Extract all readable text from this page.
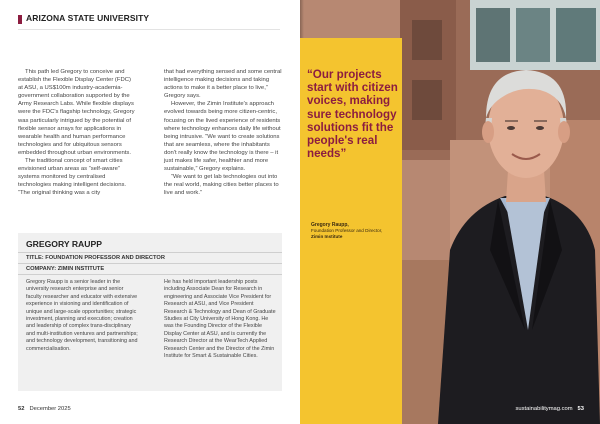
ARIZONA STATE UNIVERSITY

This path led Gregory to conceive and establish the Flexible Display Center (FDC) at ASU, a US$100m industry-academia-government collaboration supported by the Army Research Labs. While flexible displays were the FDC's flagship technology, Gregory was particularly intrigued by the potential of flexible sensor arrays for applications in wearable health and human performance technologies and for ubiquitous sensors embedded throughout urban environments.

The traditional concept of smart cities envisioned urban areas as “self-aware” systems monitored by centralised technologies making intelligent decisions. “The original thinking was a city

that had everything sensed and some central intelligence making decisions and taking actions to make it a better place to live,” Gregory says.

However, the Zimin Institute's approach evolved towards being more citizen-centric, focusing on the lived experience of residents where technology enhances daily life without being intrusive. “We want to create solutions that are seamless, where the inhabitants don't really know the technology is there – it just makes life safer, healthier and more sustainable,” Gregory explains.

“We want to get lab technologies out into the real world, making cities better places to live and work.”

GREGORY RAUPP
TITLE: FOUNDATION PROFESSOR AND DIRECTOR
COMPANY: ZIMIN INSTITUTE
Gregory Raupp is a senior leader in the university research enterprise and senior faculty researcher and educator with extensive experience in visioning and identification of unique and large-scale opportunities; strategic investment, planning and execution; creation and leadership of complex trans-disciplinary and multi-institution ventures and partnerships; and technology development, transitioning and commercialisation.
He has held important leadership posts including Associate Dean for Research in engineering and Associate Vice President for Research at ASU, and Vice President Research & Technology and Dean of Graduate Studies at City University of Hong Kong. He was the Founding Director of the Flexible Display Center at ASU, and is currently the Research Director at the WearTech Applied Research Center and the Director of the Zimin Institute for Smart & Sustainable Cities.
52 December 2025
“Our projects start with citizen voices, making sure technology solutions fit the people's real needs”
Gregory Raupp,
Foundation Professor and Director,
Zimin Institute
sustainabilitymag.com 53
